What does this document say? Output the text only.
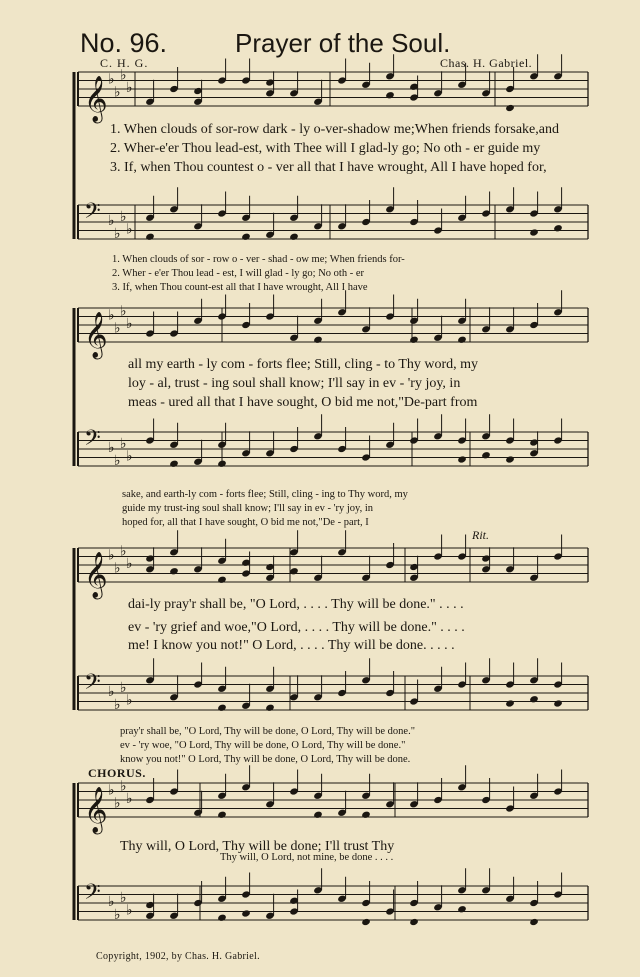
No. 96.	Prayer of the Soul.
C. H. G.	Chas. H. Gabriel.
𝄞 ♭
♭
♭
♭
𝄢 ♭
♭
♭
♭
𝄞 ♭
♭
♭
♭
𝄢 ♭
♭
♭
♭
𝄞 ♭
♭
♭
♭
𝄢 ♭
♭
♭
♭
𝄞 ♭
♭
♭
♭
𝄢 ♭
♭
♭
♭
1. When clouds of sor-row dark - ly o-ver-shadow me;When friends forsake,and
2. Wher-e'er Thou lead-est, with Thee will I glad-ly go; No oth - er guide my
3. If, when Thou countest o - ver all that I have wrought, All I have hoped for,
1. When clouds of sor - row o - ver - shad - ow me; When friends for-
2. Wher - e'er Thou lead - est, I will glad - ly go; No oth - er
3. If, when Thou count-est all that I have wrought, All I have
all my earth - ly com - forts flee; Still, cling - to Thy word, my
loy - al, trust - ing soul shall know; I'll say in ev - 'ry joy, in
meas - ured all that I have sought, O bid me not,"De-part from
sake, and earth-ly com - forts flee; Still, cling - ing to Thy word, my
guide my trust-ing soul shall know; I'll say in ev - 'ry joy, in
hoped for, all that I have sought, O bid me not,"De - part, I
Rit.
dai-ly pray'r shall be, "O Lord, . . . . Thy will be done." . . . .
ev - 'ry grief and woe,"O Lord, . . . . Thy will be done." . . . .
me! I know you not!" O Lord, . . . . Thy will be done. . . . .
pray'r shall be, "O Lord, Thy will be done, O Lord, Thy will be done."
ev - 'ry woe, "O Lord, Thy will be done, O Lord, Thy will be done."
know you not!" O Lord, Thy will be done, O Lord, Thy will be done.
CHORUS.
Thy will, O Lord, Thy will be done; I'll trust Thy
Thy will, O Lord, not mine, be done . . . .
Copyright, 1902, by Chas. H. Gabriel.
